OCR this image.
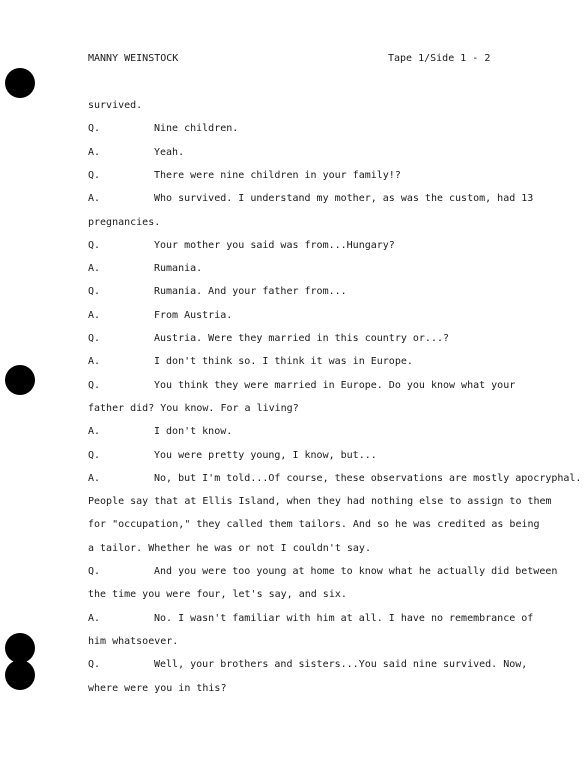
MANNY WEINSTOCK	Tape 1/Side 1 - 2
survived.
Q.	Nine children.
A.	Yeah.
Q.	There were nine children in your family!?
A.	Who survived. I understand my mother, as was the custom, had 13
pregnancies.
Q.	Your mother you said was from...Hungary?
A.	Rumania.
Q.	Rumania. And your father from...
A.	From Austria.
Q.	Austria. Were they married in this country or...?
A.	I don't think so. I think it was in Europe.
Q.	You think they were married in Europe. Do you know what your
father did? You know. For a living?
A.	I don't know.
Q.	You were pretty young, I know, but...
A.	No, but I'm told...Of course, these observations are mostly apocryphal.
People say that at Ellis Island, when they had nothing else to assign to them
for "occupation," they called them tailors. And so he was credited as being
a tailor. Whether he was or not I couldn't say.
Q.	And you were too young at home to know what he actually did between
the time you were four, let's say, and six.
A.	No. I wasn't familiar with him at all. I have no remembrance of
him whatsoever.
Q.	Well, your brothers and sisters...You said nine survived. Now,
where were you in this?
